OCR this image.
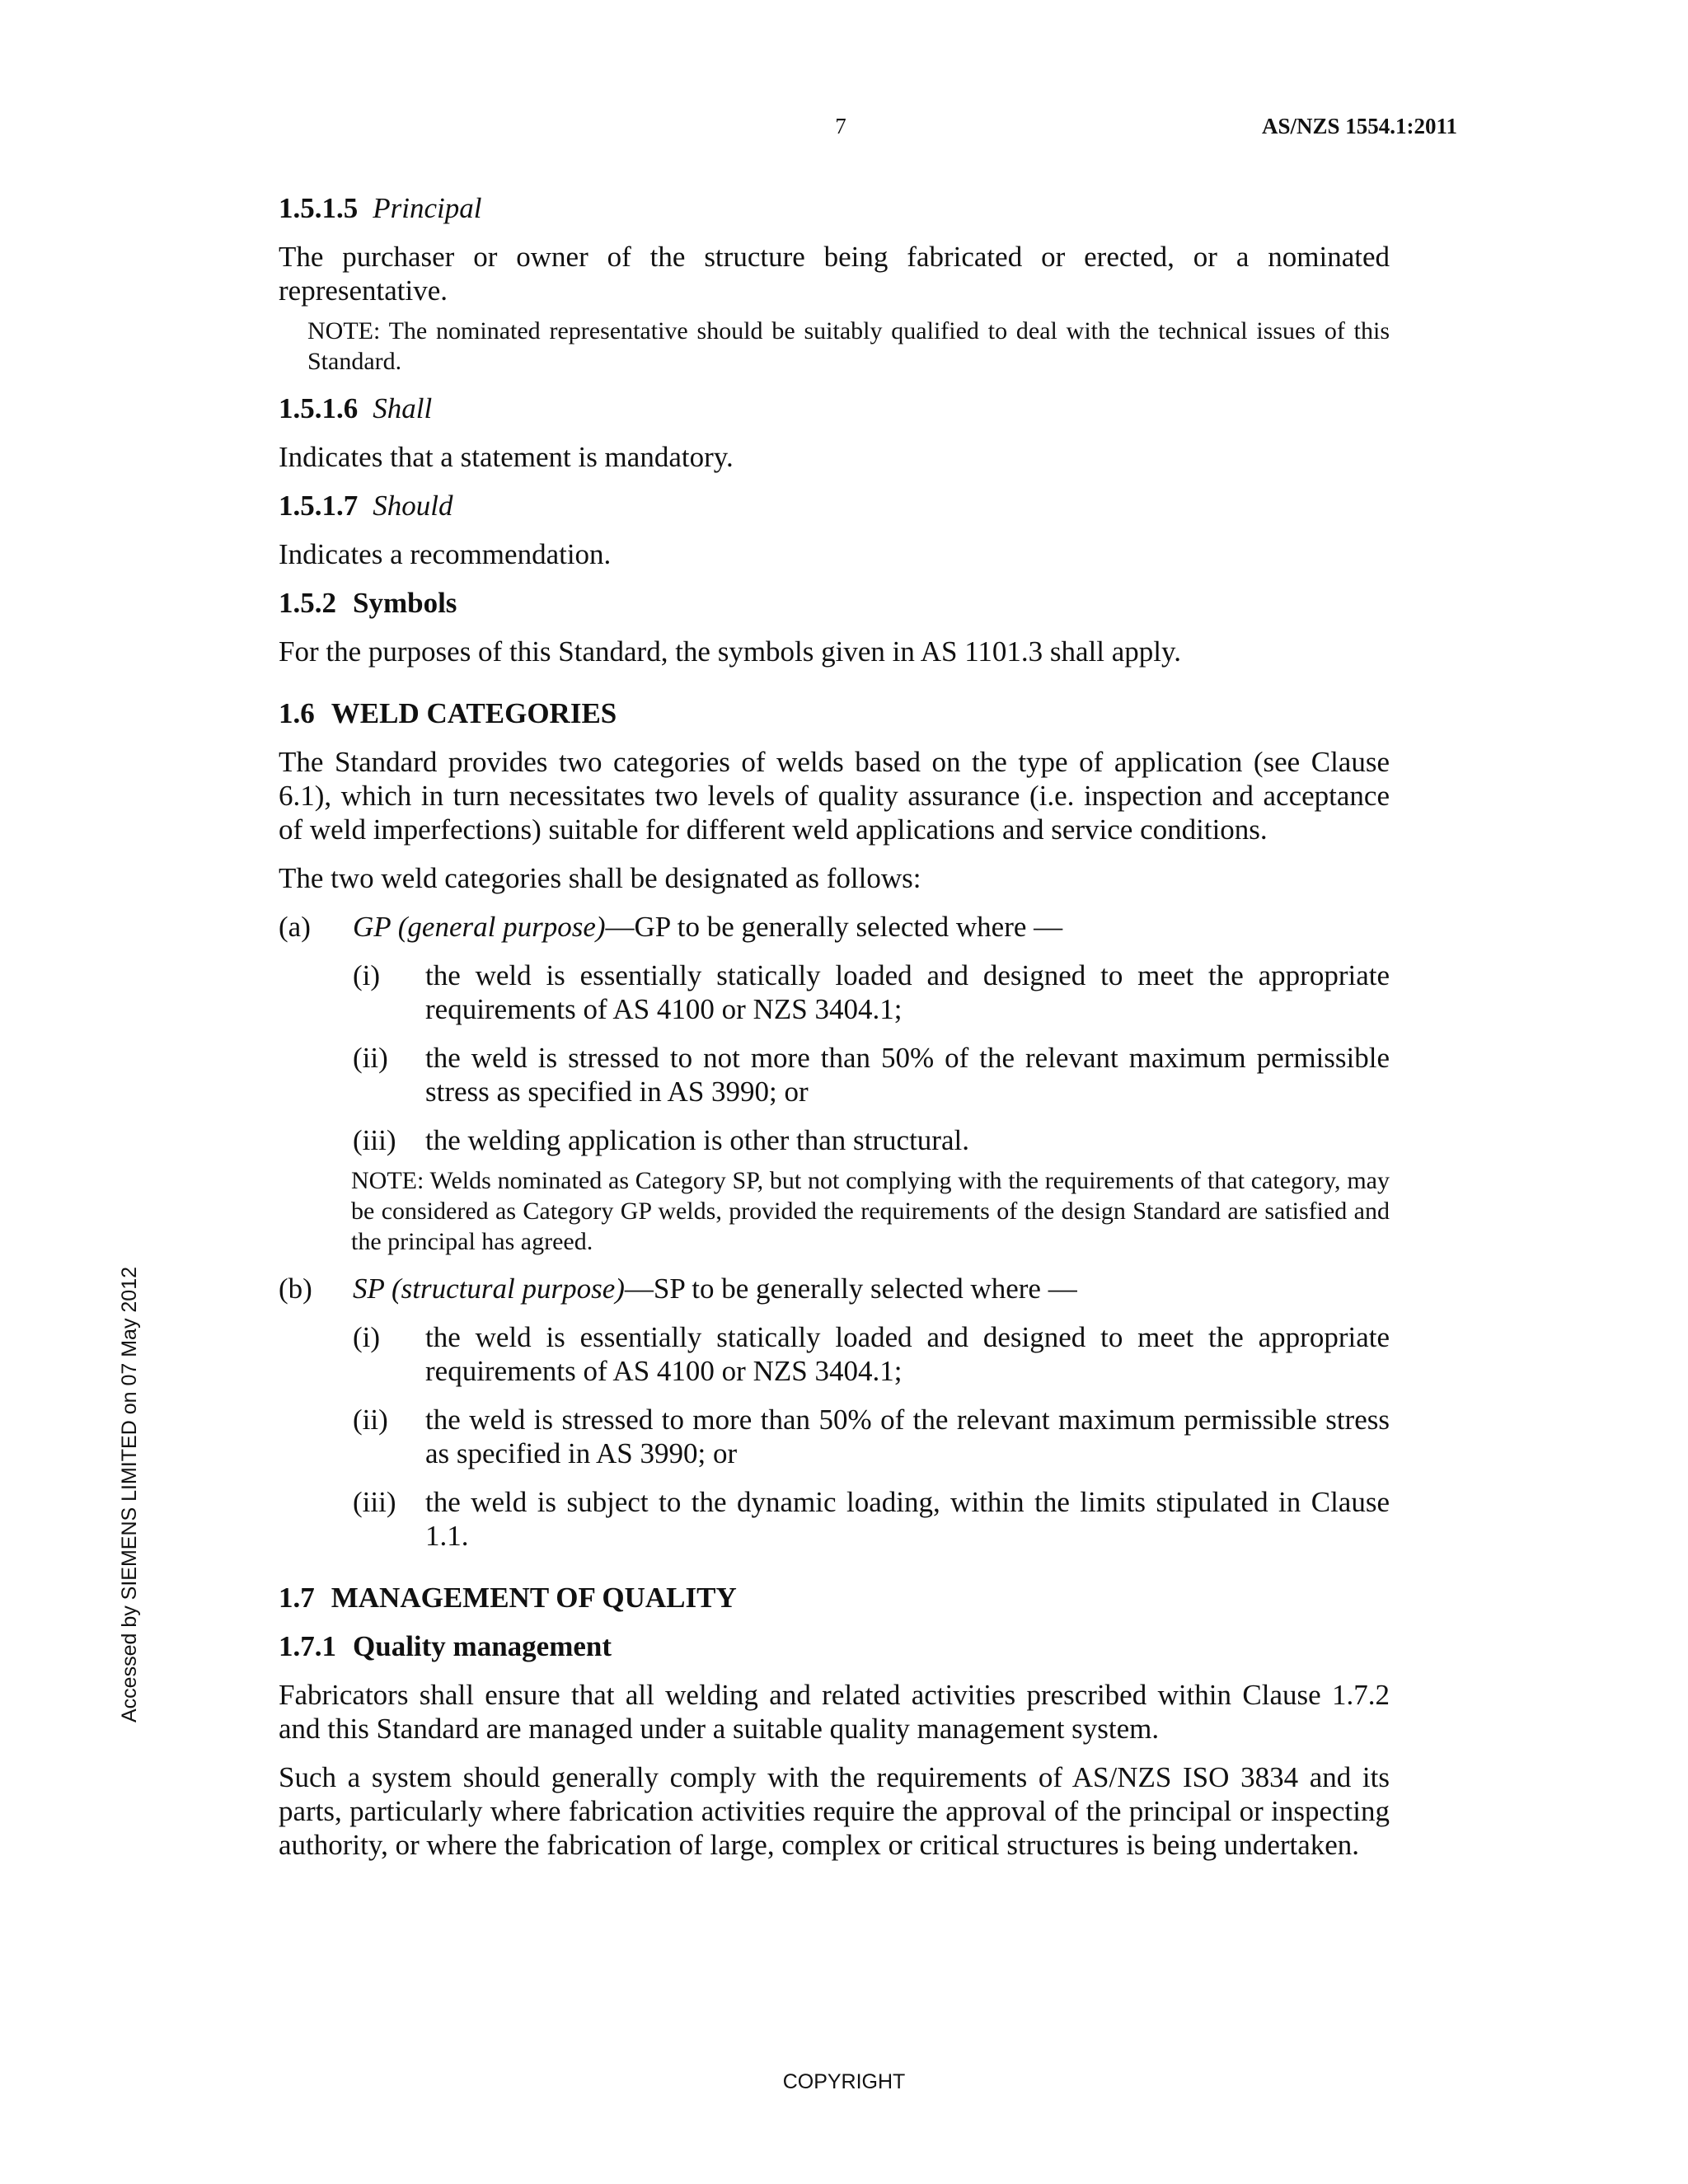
7	AS/NZS 1554.1:2011
1.5.1.5 Principal

The purchaser or owner of the structure being fabricated or erected, or a nominated representative.

NOTE: The nominated representative should be suitably qualified to deal with the technical issues of this Standard.
1.5.1.6 Shall

Indicates that a statement is mandatory.

1.5.1.7 Should

Indicates a recommendation.

1.5.2 Symbols

For the purposes of this Standard, the symbols given in AS 1101.3 shall apply.

1.6 WELD CATEGORIES

The Standard provides two categories of welds based on the type of application (see Clause 6.1), which in turn necessitates two levels of quality assurance (i.e. inspection and acceptance of weld imperfections) suitable for different weld applications and service conditions.

The two weld categories shall be designated as follows:

(a)	GP (general purpose)—GP to be generally selected where —
(i)	the weld is essentially statically loaded and designed to meet the appropriate requirements of AS 4100 or NZS 3404.1;
(ii)	the weld is stressed to not more than 50% of the relevant maximum permissible stress as specified in AS 3990; or
(iii)	the welding application is other than structural.
NOTE: Welds nominated as Category SP, but not complying with the requirements of that category, may be considered as Category GP welds, provided the requirements of the design Standard are satisfied and the principal has agreed.
(b)	SP (structural purpose)—SP to be generally selected where —
(i)	the weld is essentially statically loaded and designed to meet the appropriate requirements of AS 4100 or NZS 3404.1;
(ii)	the weld is stressed to more than 50% of the relevant maximum permissible stress as specified in AS 3990; or
(iii)	the weld is subject to the dynamic loading, within the limits stipulated in Clause 1.1.
1.7 MANAGEMENT OF QUALITY
1.7.1 Quality management

Fabricators shall ensure that all welding and related activities prescribed within Clause 1.7.2 and this Standard are managed under a suitable quality management system.

Such a system should generally comply with the requirements of AS/NZS ISO 3834 and its parts, particularly where fabrication activities require the approval of the principal or inspecting authority, or where the fabrication of large, complex or critical structures is being undertaken.

COPYRIGHT
Accessed by SIEMENS LIMITED on 07 May 2012
